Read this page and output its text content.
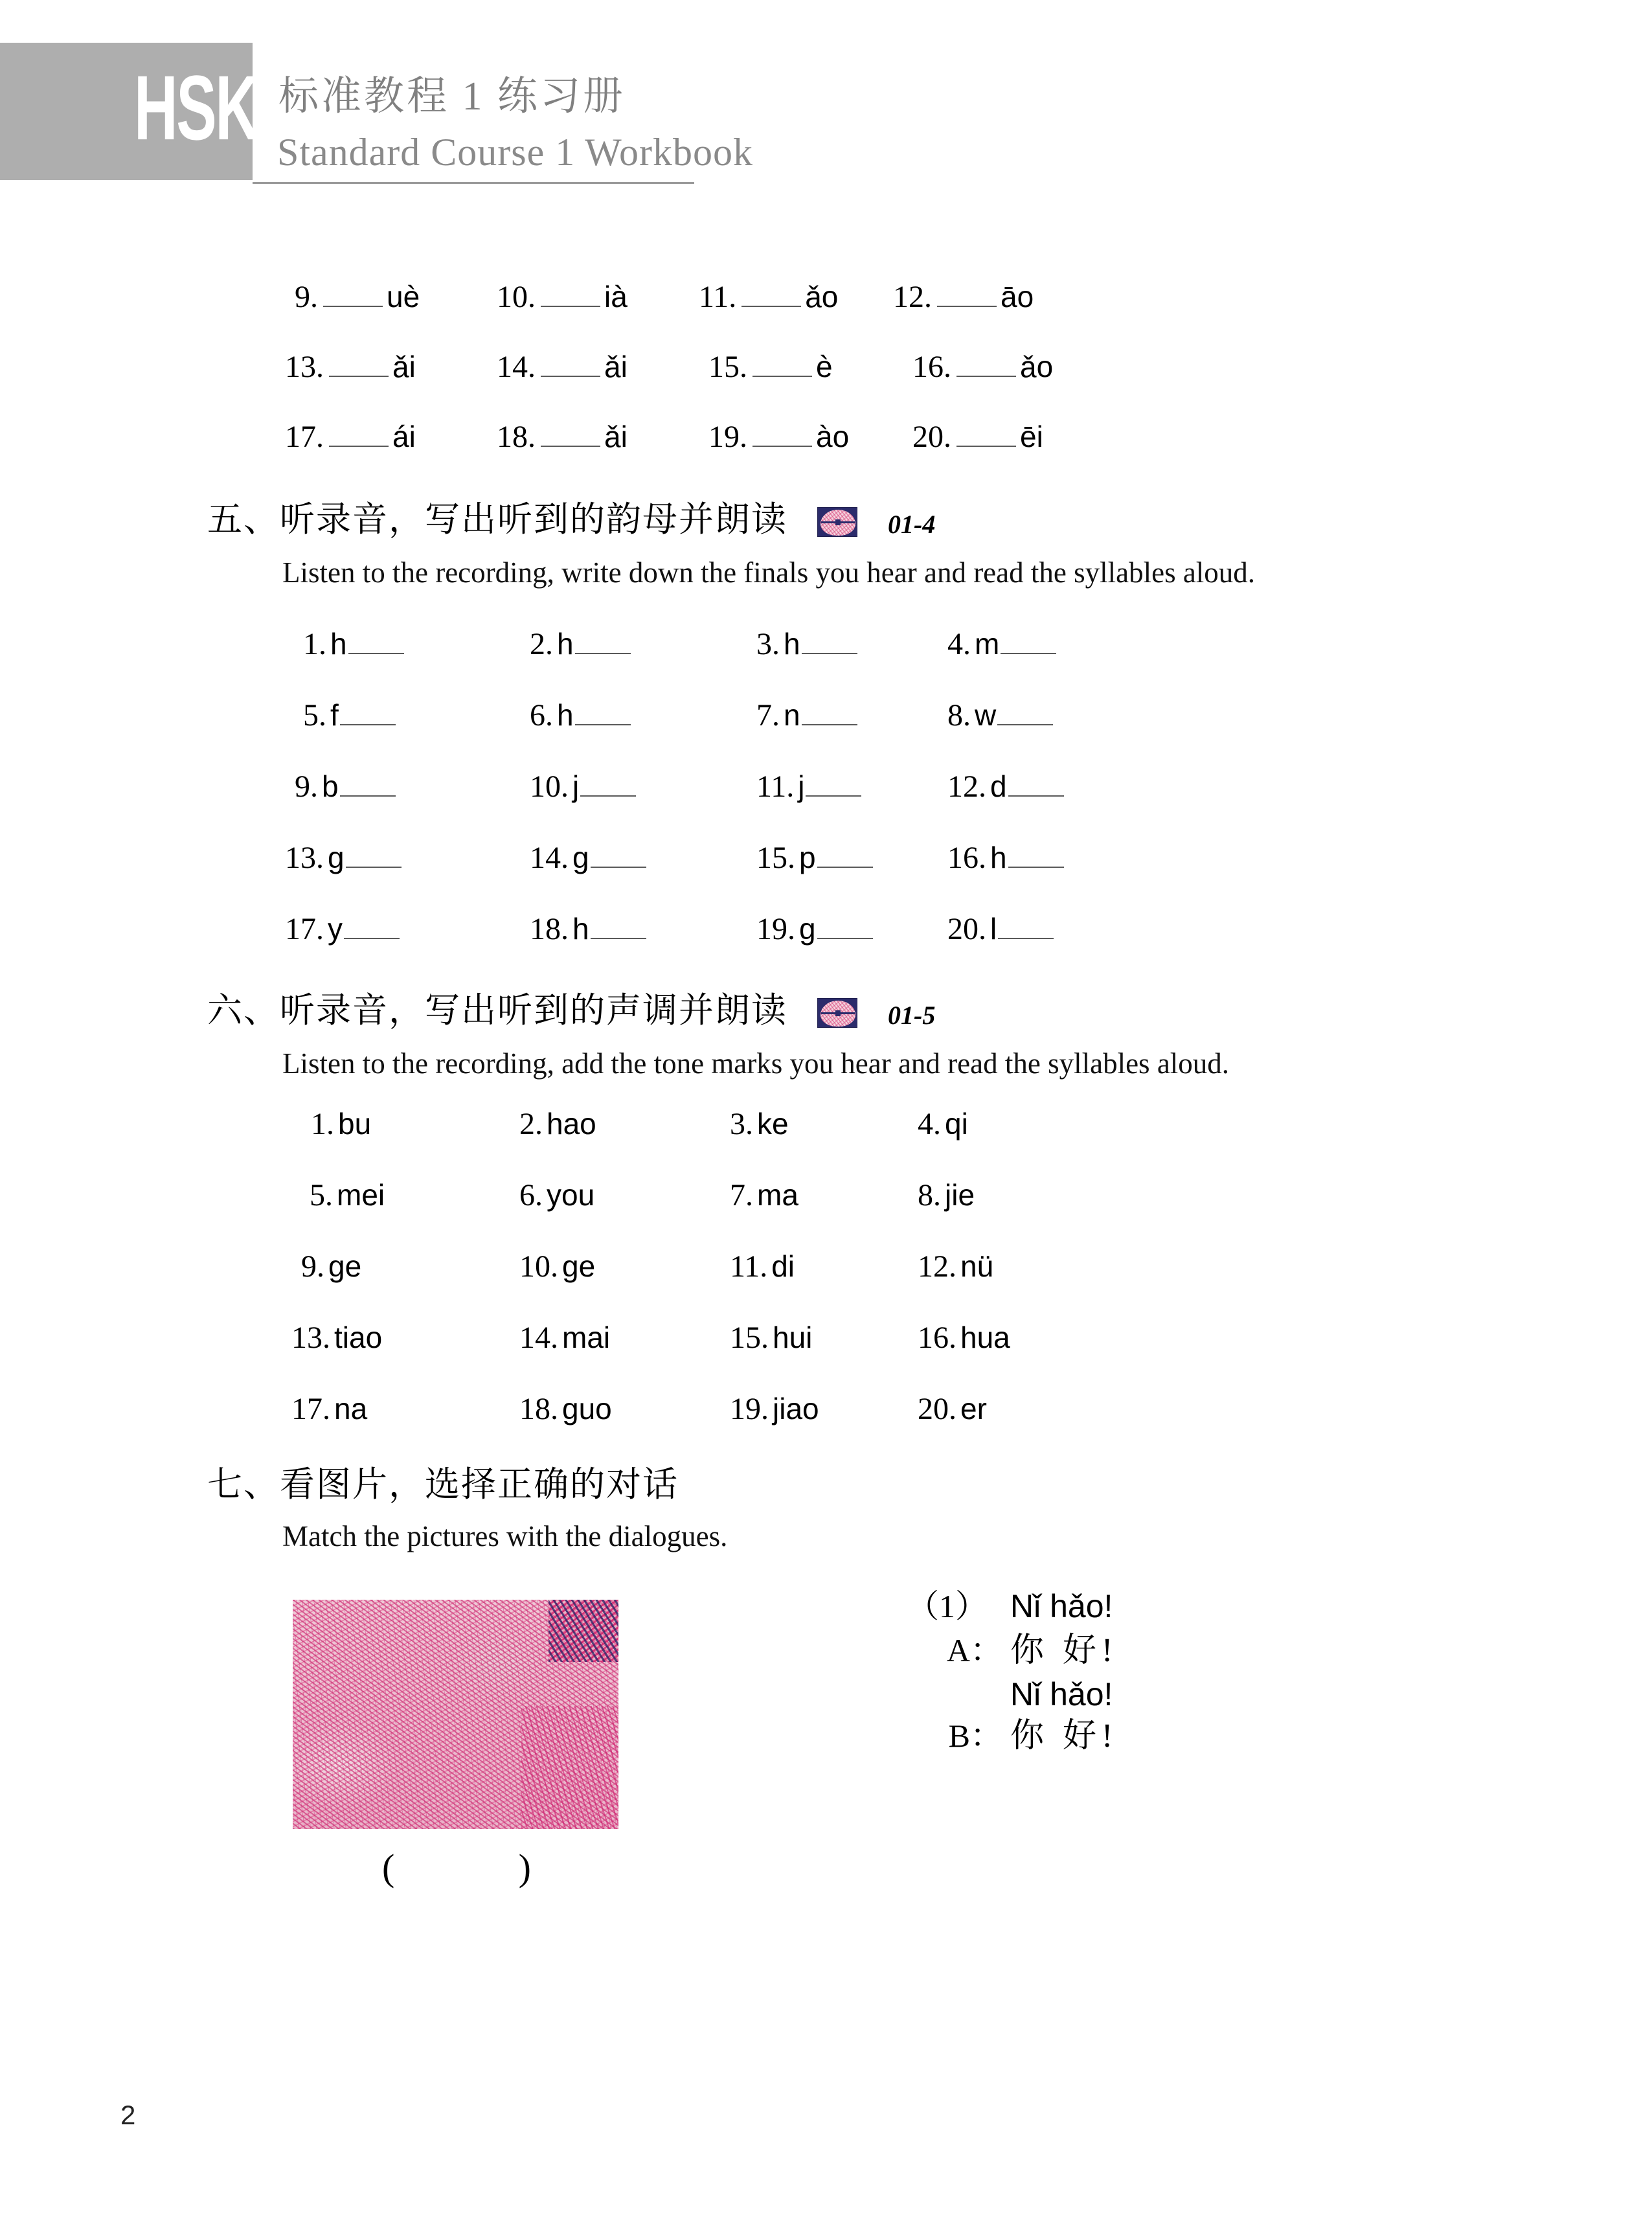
HSK 标准教程 1 练习册
Standard Course 1 Workbook
9. uè 10. ià 11. ǎo 12. āo
13. ǎi	14. ǎi	15. è	16. ǎo
17. ái	18. ǎi	19. ào 20. ēi
五、听录音，写出听到的韵母并朗读	01-4
Listen to the recording, write down the finals you hear and read the syllables aloud.
1. h	2. h	3. h	4. m
5. f	6. h	7. n	8. w
9. b	10. j	11. j	12. d
13. g	14. g	15. p	16. h
17. y	18. h	19. g	20. l
六、听录音，写出听到的声调并朗读	01-5
Listen to the recording, add the tone marks you hear and read the syllables aloud.
1. bu	2. hao	3. ke	4. qi
5. mei	6. you	7. ma	8. jie
9. ge	10. ge	11. di	12. nü
13. tiao	14. mai	15. hui	16. hua
17. na	18. guo	19. jiao	20. er
七、看图片，选择正确的对话
Match the pictures with the dialogues.
(	)
（1） Nǐ hǎo!
A： 你 好!
Nǐ hǎo!
B： 你 好!
2
